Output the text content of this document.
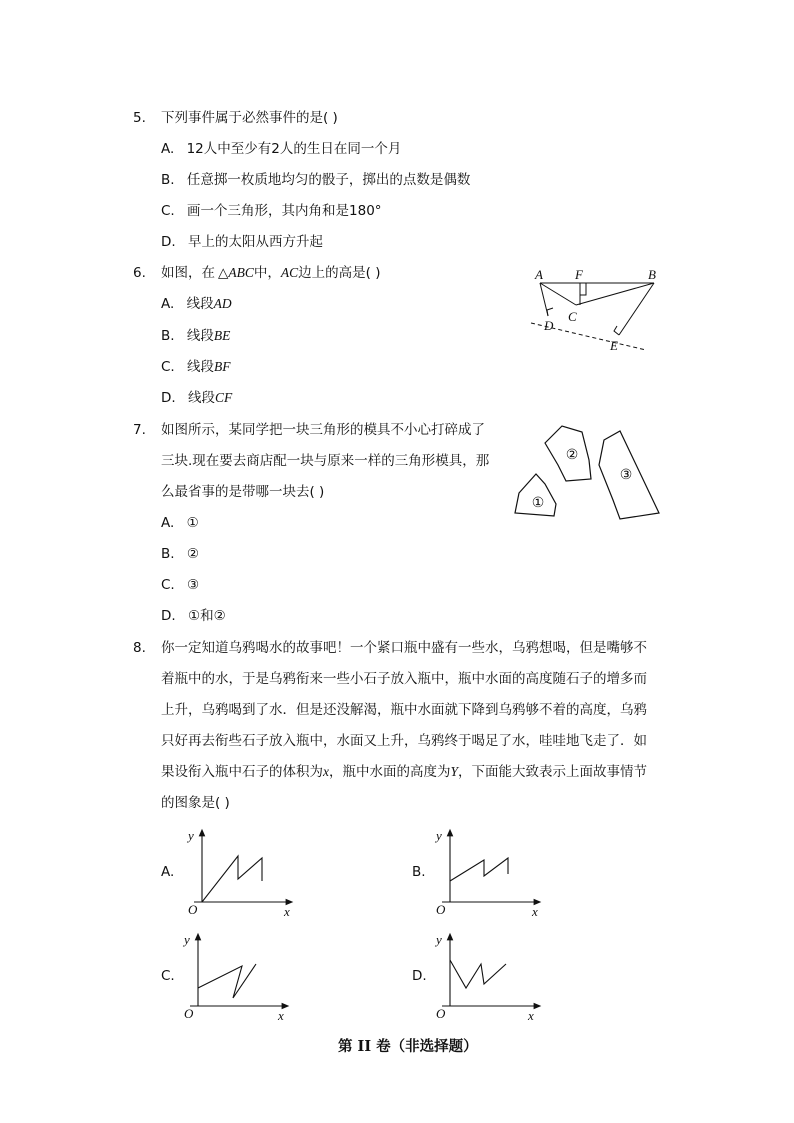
5. 下列事件属于必然事件的是( )
A. 12人中至少有2人的生日在同一个月
B. 任意掷一枚质地均匀的骰子，掷出的点数是偶数
C. 画一个三角形，其内角和是180°
D. 早上的太阳从西方升起
6. 如图，在 △ABC中，AC边上的高是( )
A. 线段AD
B. 线段BE
C. 线段BF
D. 线段CF
A F	B
D
C
E
7. 如图所示，某同学把一块三角形的模具不小心打碎成了
三块.现在要去商店配一块与原来一样的三角形模具，那
么最省事的是带哪一块去( )
A. ①
B. ②
C. ③
D. ①和②
①
②
③
8. 你一定知道乌鸦喝水的故事吧！一个紧口瓶中盛有一些水，乌鸦想喝，但是嘴够不
着瓶中的水，于是乌鸦衔来一些小石子放入瓶中，瓶中水面的高度随石子的增多而
上升，乌鸦喝到了水．但是还没解渴，瓶中水面就下降到乌鸦够不着的高度，乌鸦
只好再去衔些石子放入瓶中，水面又上升，乌鸦终于喝足了水，哇哇地飞走了．如
果设衔入瓶中石子的体积为x，瓶中水面的高度为Y，下面能大致表示上面故事情节
的图象是( )
A.
y
x
O
B.
y
x
O
C.
y
x
O
D.
y
x
O
第 II 卷（非选择题）
